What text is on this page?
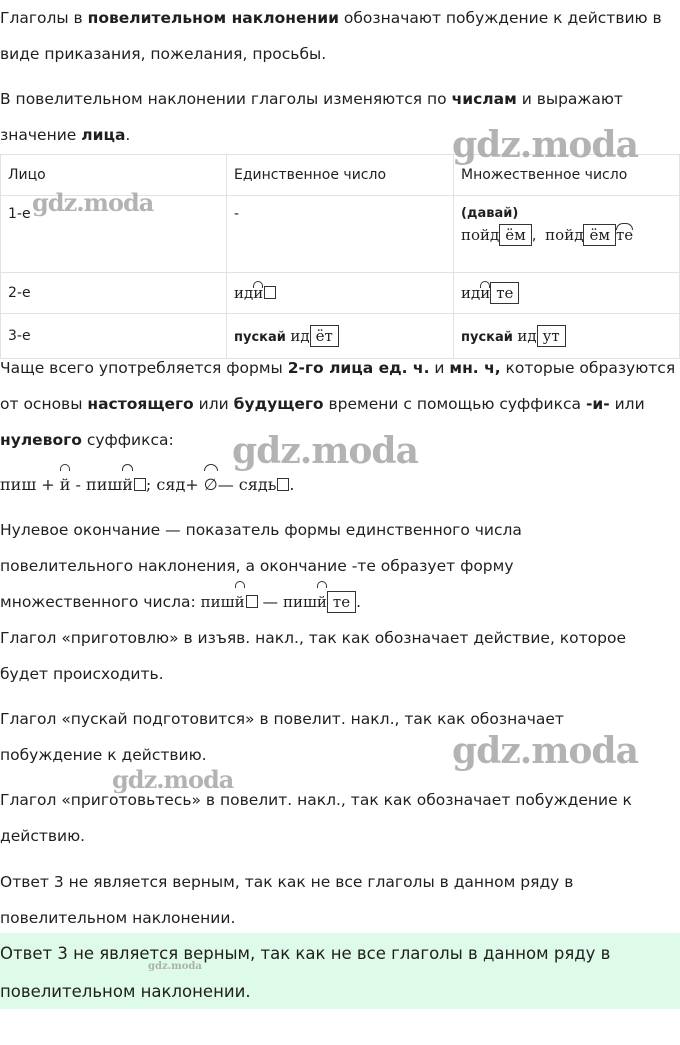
Глаголы в повелительном наклонении обозначают побуждение к действию в
виде приказания, пожелания, просьбы.

В повелительном наклонении глаголы изменяются по числам и выражают
значение лица.

Лицо	Единственное число	Множественное число
1-е	-	(давай)
пойд ём , пойд ём те

2-е	иди	иди те
3-е	пускай ид ёт	пускай ид ут

Чаще всего употребляется формы 2-го лица ед. ч. и мн. ч, которые образуются
от основы настоящего или будущего времени с помощью суффикса -и- или
нулевого суффикса:

пиш + й - пишй ; сяд+ ∅— сядь .

Нулевое окончание — показатель формы единственного числа
повелительного наклонения, а окончание -те образует форму
множественного числа: пишй — пишй те .

Глагол «приготовлю» в изъяв. накл., так как обозначает действие, которое
будет происходить.

Глагол «пускай подготовится» в повелит. накл., так как обозначает
побуждение к действию.

Глагол «приготовьтесь» в повелит. накл., так как обозначает побуждение к
действию.

Ответ 3 не является верным, так как не все глаголы в данном ряду в
повелительном наклонении.

Ответ 3 не является верным, так как не все глаголы в данном ряду в

повелительном наклонении.

gdz.moda
gdz.moda
gdz.moda
gdz.moda
gdz.moda
gdz.moda
